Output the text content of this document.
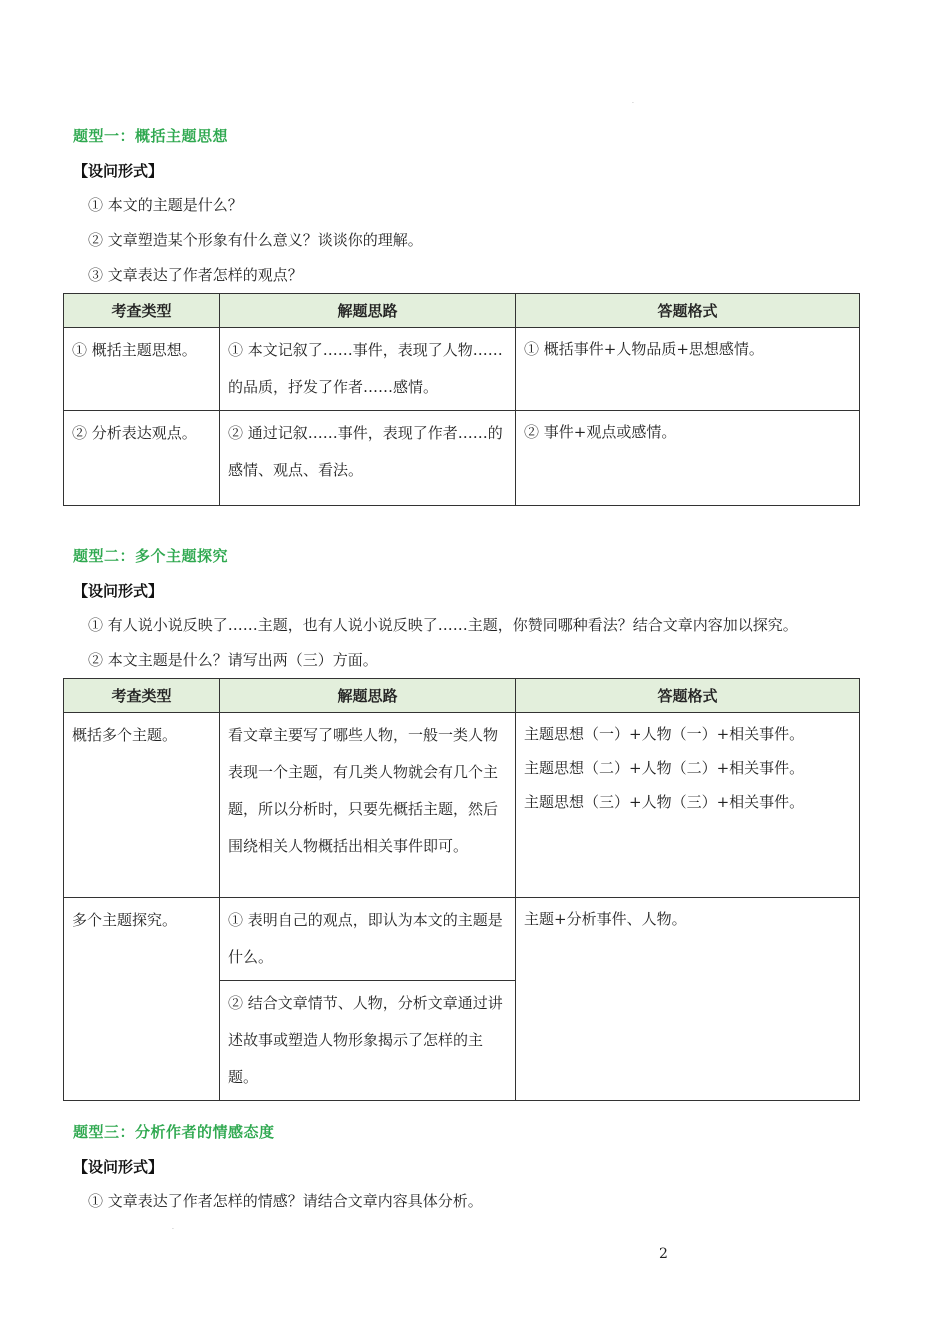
.
题型一：概括主题思想
【设问形式】
① 本文的主题是什么？
② 文章塑造某个形象有什么意义？谈谈你的理解。
③ 文章表达了作者怎样的观点？
考查类型	解题思路	答题格式
① 概括主题思想。	① 本文记叙了……事件，表现了人物……的品质，抒发了作者……感情。	① 概括事件+人物品质+思想感情。
② 分析表达观点。	② 通过记叙……事件，表现了作者……的感情、观点、看法。	② 事件+观点或感情。
题型二：多个主题探究
【设问形式】
① 有人说小说反映了……主题，也有人说小说反映了……主题，你赞同哪种看法？结合文章内容加以探究。
② 本文主题是什么？请写出两（三）方面。
考查类型	解题思路	答题格式
概括多个主题。	看文章主要写了哪些人物，一般一类人物表现一个主题，有几类人物就会有几个主题，所以分析时，只要先概括主题，然后围绕相关人物概括出相关事件即可。	主题思想（一）+人物（一）+相关事件。
主题思想（二）+人物（二）+相关事件。
主题思想（三）+人物（三）+相关事件。

多个主题探究。	① 表明自己的观点，即认为本文的主题是什么。	主题+分析事件、人物。
	② 结合文章情节、人物，分析文章通过讲述故事或塑造人物形象揭示了怎样的主题。	
题型三：分析作者的情感态度
【设问形式】
① 文章表达了作者怎样的情感？请结合文章内容具体分析。
.
2
